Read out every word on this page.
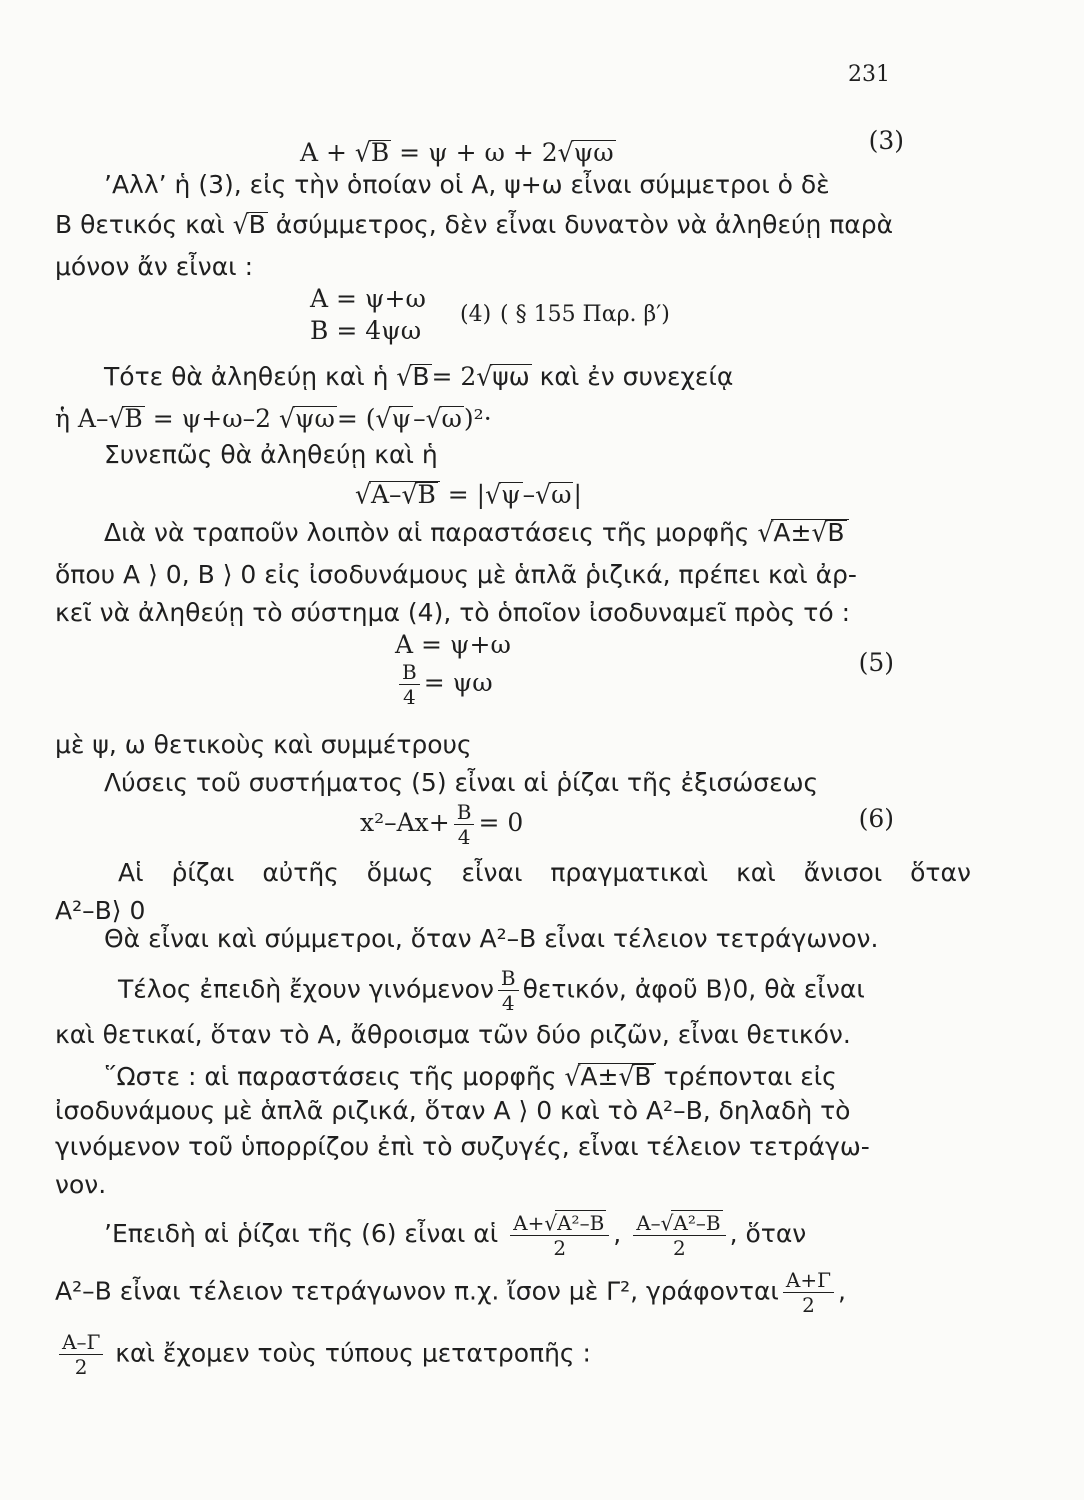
231
A + √B = ψ + ω + 2√ψω	(3)
’Αλλ’ ἡ (3), εἰς τὴν ὁποίαν οἱ Α, ψ+ω εἶναι σύμμετροι ὁ δὲ
Β θετικός καὶ √Β ἀσύμμετρος, δὲν εἶναι δυνατὸν νὰ ἀληθεύῃ παρὰ
μόνον ἄν εἶναι :
Α = ψ+ω
Β = 4ψω
(4) ( § 155 Παρ. β′)
Τότε θὰ ἀληθεύῃ καὶ ἡ √Β= 2√ψω καὶ ἐν συνεχείᾳ
ἡ Α–√Β = ψ+ω–2 √ψω= (√ψ–√ω)²·
Συνεπῶς θὰ ἀληθεύῃ καὶ ἡ
√Α–√Β = |√ψ–√ω|
Διὰ νὰ τραποῦν λοιπὸν αἱ παραστάσεις τῆς μορφῆς √Α±√Β
ὅπου Α ⟩ 0, Β ⟩ 0 εἰς ἰσοδυνάμους μὲ ἁπλᾶ ῥιζικά, πρέπει καὶ ἀρ-
κεῖ νὰ ἀληθεύῃ τὸ σύστημα (4), τὸ ὁποῖον ἰσοδυναμεῖ πρὸς τό :
Α = ψ+ω
$\frac{B}{4} = \psi\omega$
(5)
μὲ ψ, ω θετικοὺς καὶ συμμέτρους
Λύσεις τοῦ συστήματος (5) εἶναι αἱ ῥίζαι τῆς ἐξισώσεως
$x^2-Ax+ \frac{B}{4} = 0$	(6)
Αἱ ῥίζαι αὐτῆς ὅμως εἶναι πραγματικαὶ καὶ ἄνισοι ὅταν
Α²–Β⟩ 0
Θὰ εἶναι καὶ σύμμετροι, ὅταν Α²–Β εἶναι τέλειον τετράγωνον.
Τέλος ἐπειδὴ ἔχουν γινόμενον $\frac{B}{4} \theta\varepsilon\tau\iota\kappa ό\nu$, ἀφοῦ Β⟩0, θὰ εἶναι
καὶ θετικαί, ὅταν τὸ Α, ἄθροισμα τῶν δύο ριζῶν, εἶναι θετικόν.
῞Ωστε : αἱ παραστάσεις τῆς μορφῆς √Α±√Β τρέπονται εἰς
ἰσοδυνάμους μὲ ἁπλᾶ ριζικά, ὅταν Α ⟩ 0 καὶ τὸ Α²–Β, δηλαδὴ τὸ
γινόμενον τοῦ ὑπορρίζου ἐπὶ τὸ συζυγές, εἶναι τέλειον τετράγω-
νον.
’Επειδὴ αἱ ῥίζαι τῆς (6) εἶναι αἱ $\frac{\text{Α+√Α²–Β}}{2}$ , $\frac{\text{Α–√Α²–Β}}{2}$ , ὅταν
Α²–Β εἶναι τέλειον τετράγωνον π.χ. ἴσον μὲ Γ², γράφονται $\frac{A+\Gamma}{2}$ ,
$\frac{A-\Gamma}{2}$ καὶ ἔχομεν τοὺς τύπους μετατροπῆς :
